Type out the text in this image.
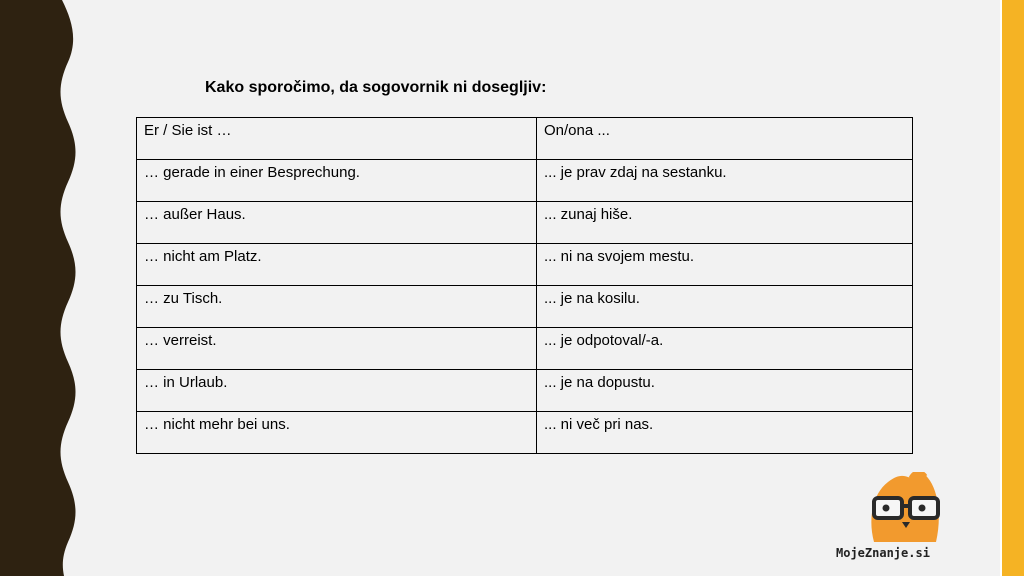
Kako sporočimo, da sogovornik ni dosegljiv:
Er / Sie ist …	On/ona ...
… gerade in einer Besprechung.	... je prav zdaj na sestanku.
… außer Haus.	... zunaj hiše.
… nicht am Platz.	... ni na svojem mestu.
… zu Tisch.	... je na kosilu.
… verreist.	... je odpotoval/-a.
… in Urlaub.	... je na dopustu.
… nicht mehr bei uns.	... ni več pri nas.
MojeZnanje.si
